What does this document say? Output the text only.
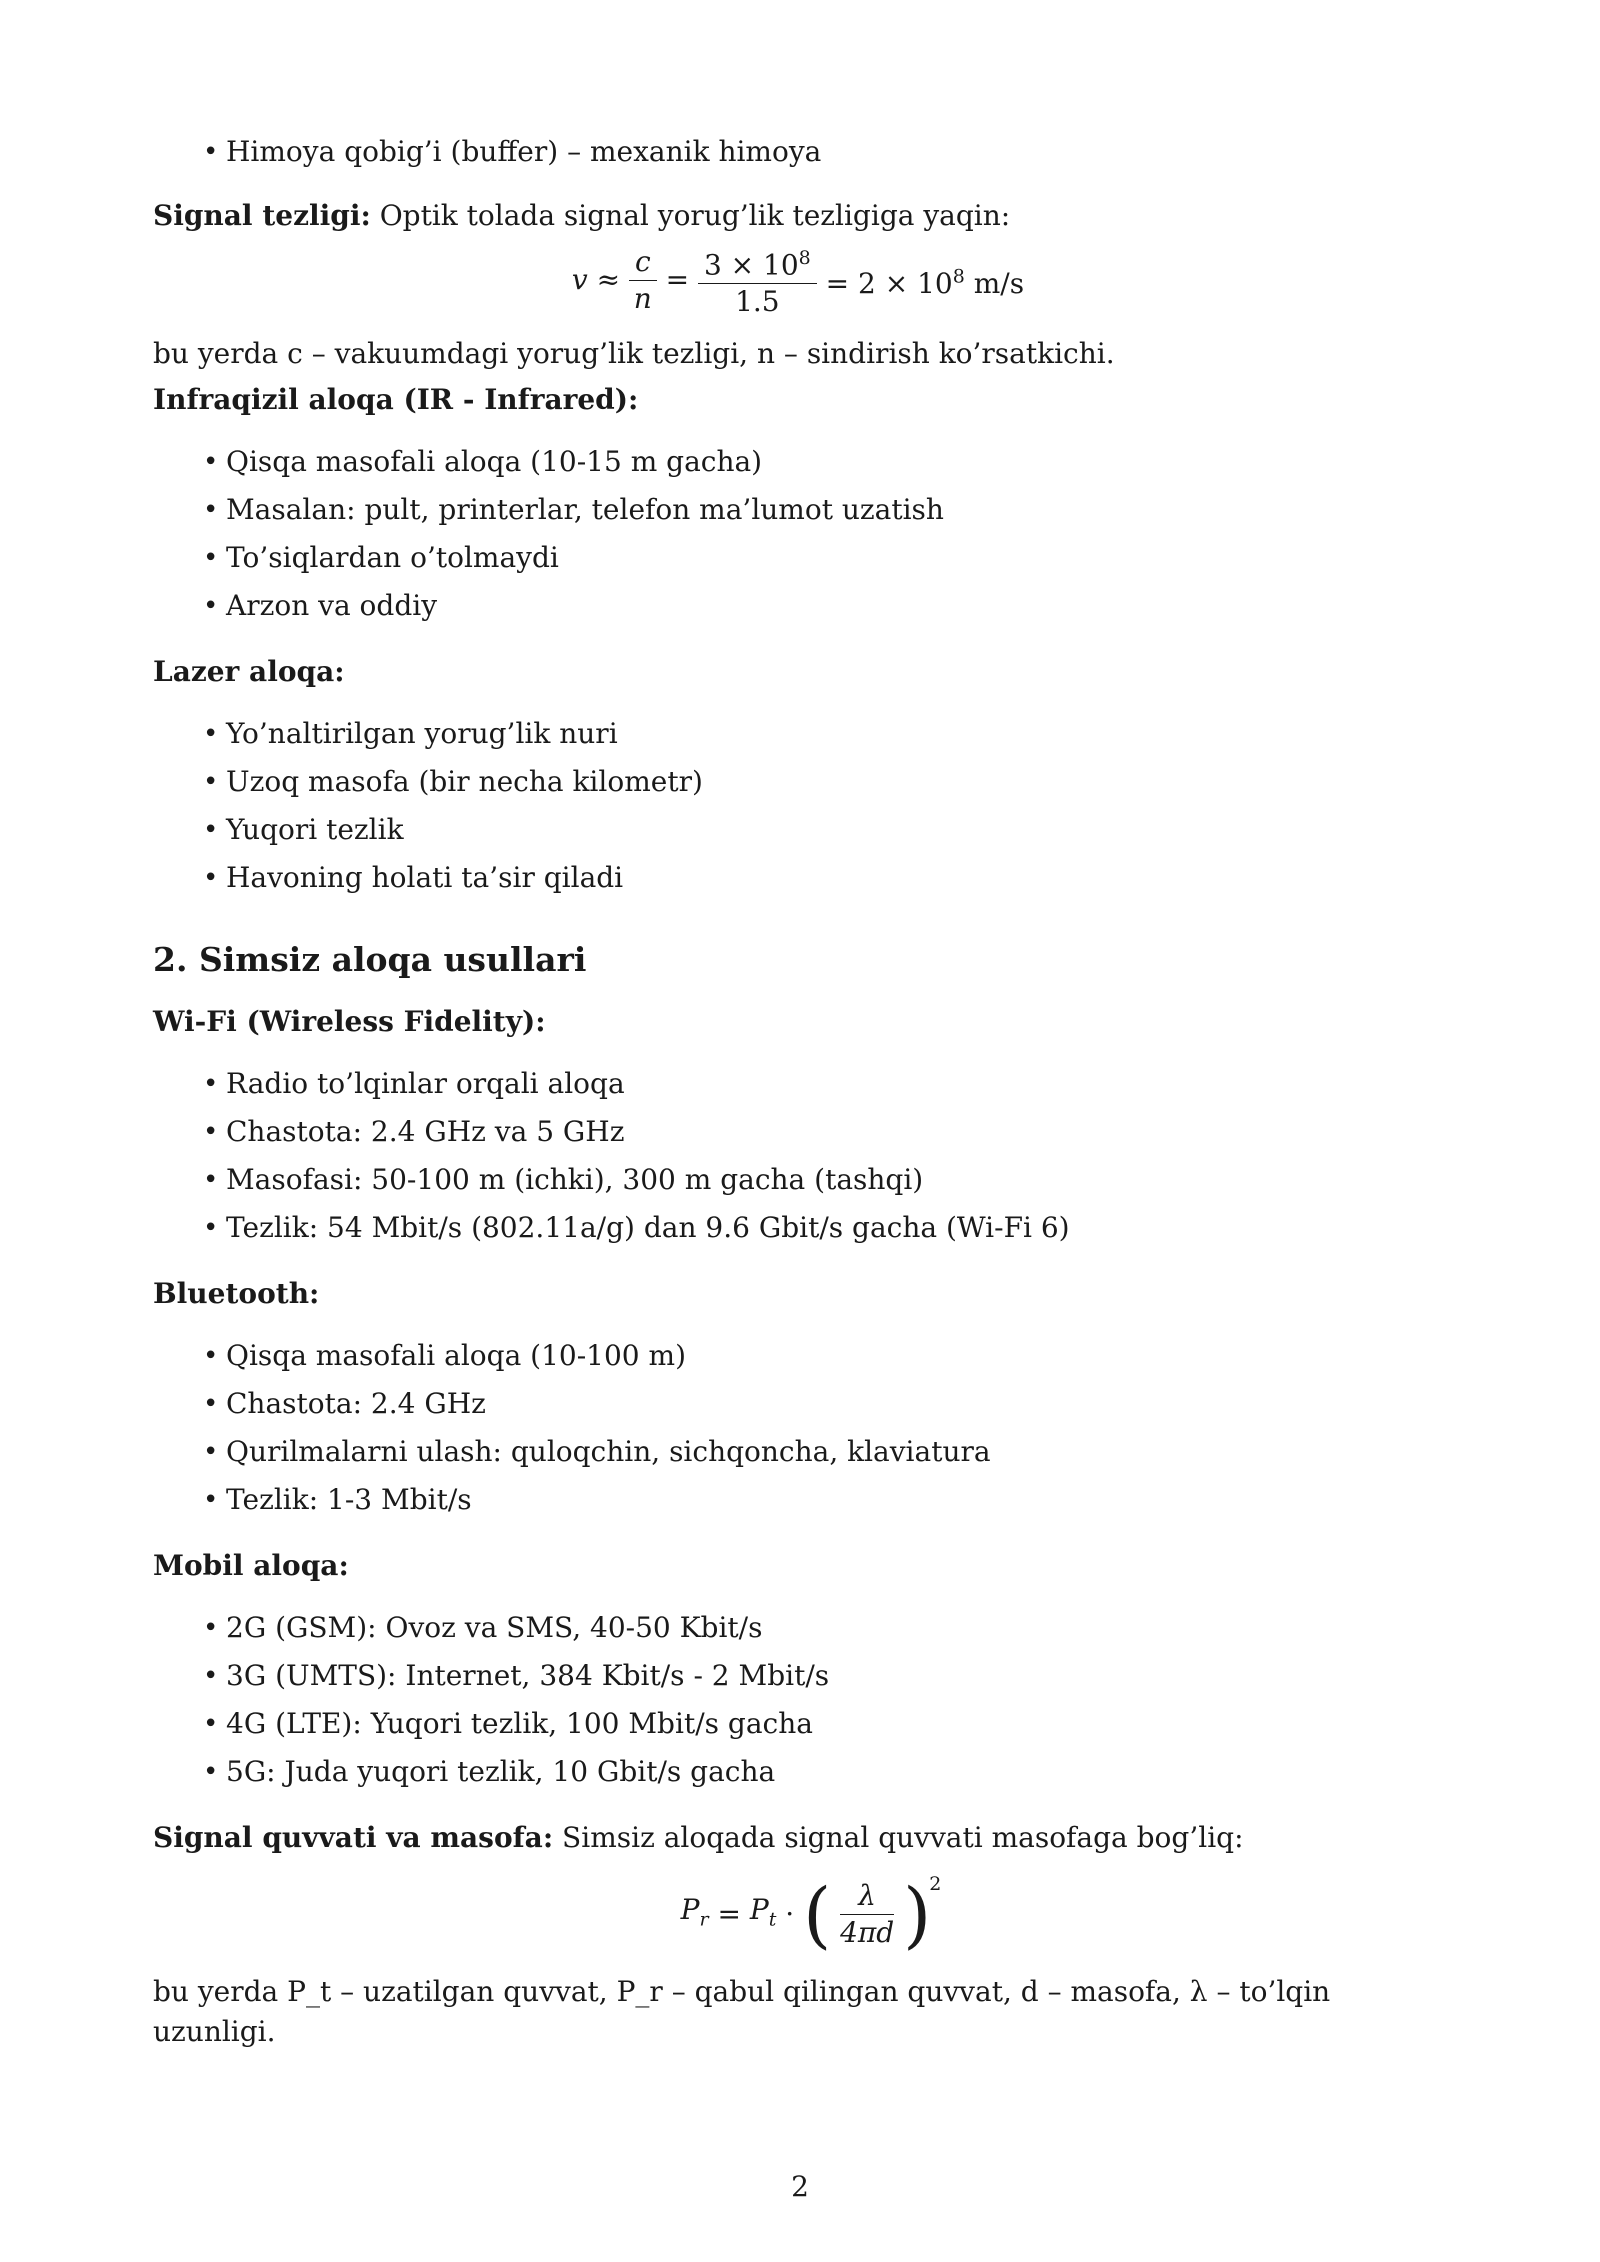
• Himoya qobig’i (buffer) – mexanik himoya

Signal tezligi: Optik tolada signal yorug’lik tezligiga yaqin:

$v \approx \frac{c}{n} = \frac{3 \times 10^8}{1.5} = 2 \times 10^8$ m/s

bu yerda c – vakuumdagi yorug’lik tezligi, n – sindirish ko’rsatkichi.

Infraqizil aloqa (IR - Infrared):

• Qisqa masofali aloqa (10-15 m gacha)
• Masalan: pult, printerlar, telefon ma’lumot uzatish
• To’siqlardan o’tolmaydi
• Arzon va oddiy

Lazer aloqa:

• Yo’naltirilgan yorug’lik nuri
• Uzoq masofa (bir necha kilometr)
• Yuqori tezlik
• Havoning holati ta’sir qiladi

2. Simsiz aloqa usullari

Wi-Fi (Wireless Fidelity):

• Radio to’lqinlar orqali aloqa
• Chastota: 2.4 GHz va 5 GHz
• Masofasi: 50-100 m (ichki), 300 m gacha (tashqi)
• Tezlik: 54 Mbit/s (802.11a/g) dan 9.6 Gbit/s gacha (Wi-Fi 6)

Bluetooth:

• Qisqa masofali aloqa (10-100 m)
• Chastota: 2.4 GHz
• Qurilmalarni ulash: quloqchin, sichqoncha, klaviatura
• Tezlik: 1-3 Mbit/s

Mobil aloqa:

• 2G (GSM): Ovoz va SMS, 40-50 Kbit/s
• 3G (UMTS): Internet, 384 Kbit/s - 2 Mbit/s
• 4G (LTE): Yuqori tezlik, 100 Mbit/s gacha
• 5G: Juda yuqori tezlik, 10 Gbit/s gacha

Signal quvvati va masofa: Simsiz aloqada signal quvvati masofaga bog’liq:

$P_r = P_t$ · ( $\frac{\lambda}{4\pi d} )^2$

bu yerda P_t – uzatilgan quvvat, P_r – qabul qilingan quvvat, d – masofa, λ – to’lqin uzunligi.

2
